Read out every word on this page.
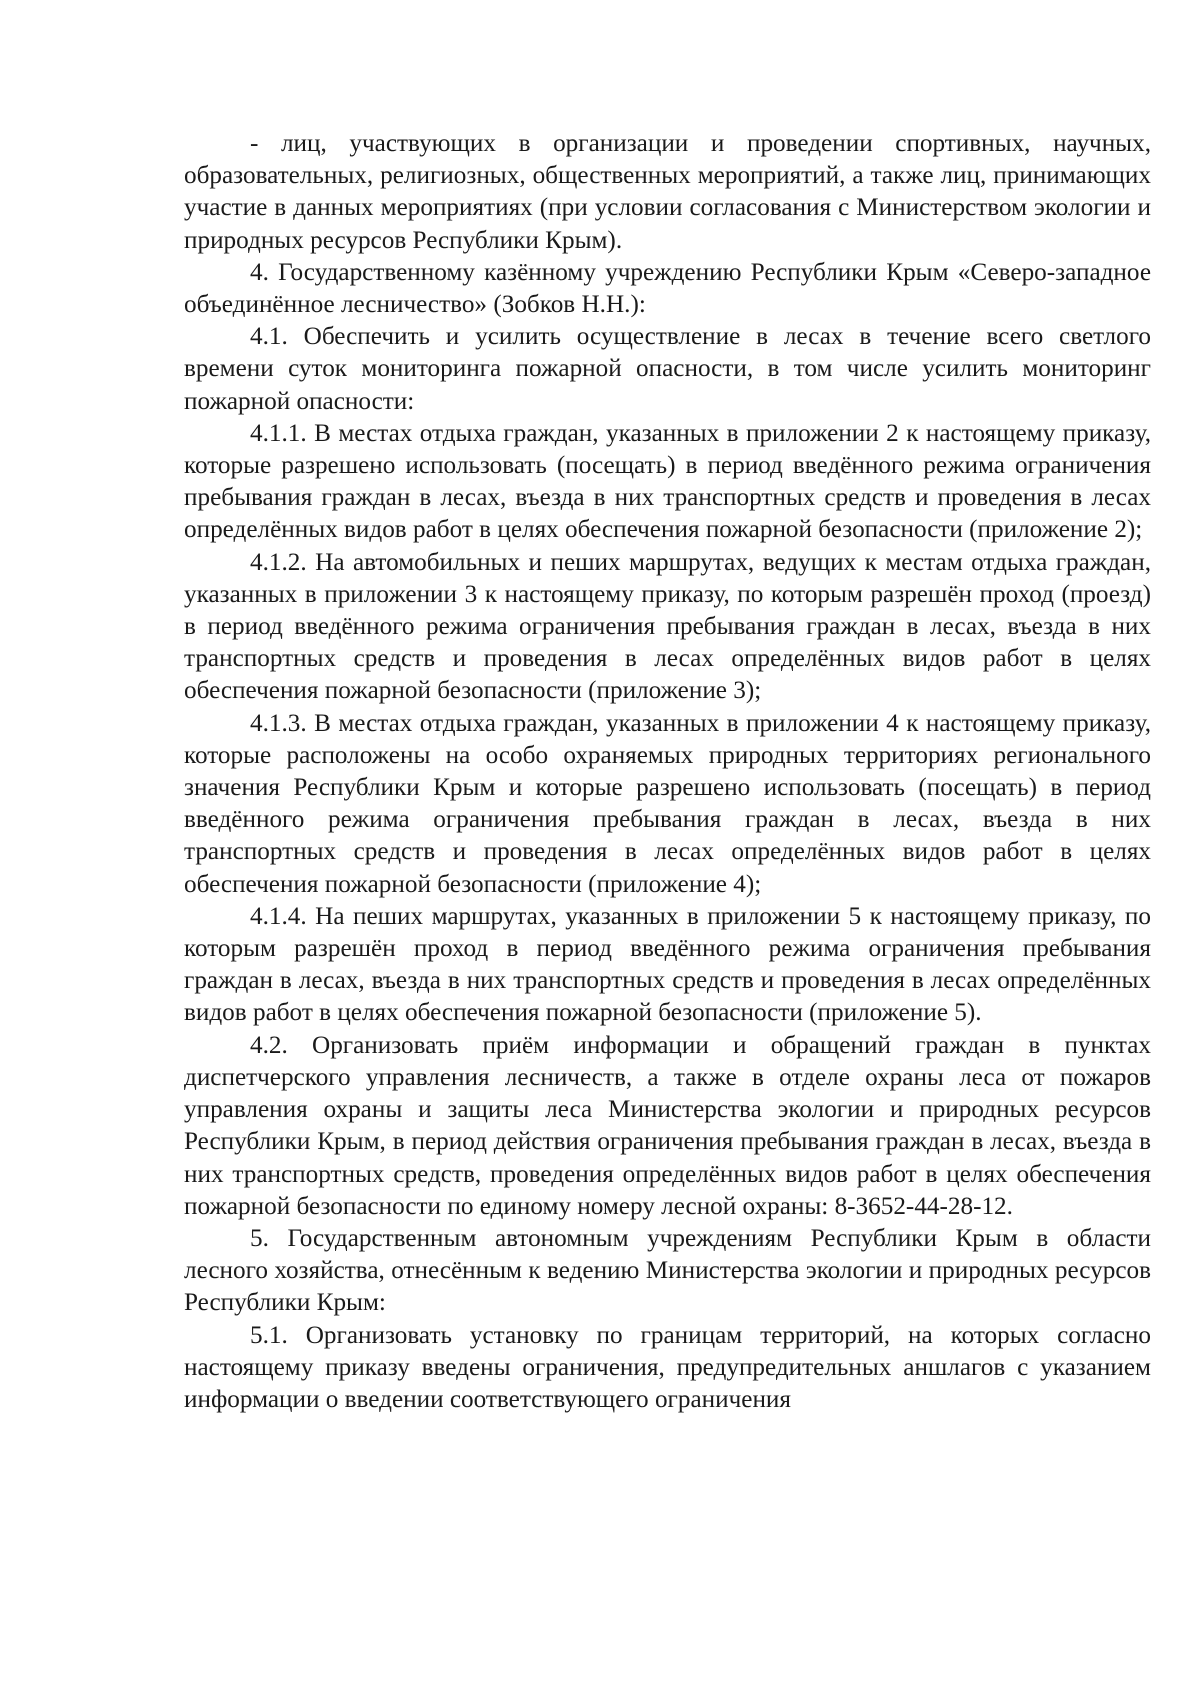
- лиц, участвующих в организации и проведении спортивных, научных, образовательных, религиозных, общественных мероприятий, а также лиц, принимающих участие в данных мероприятиях (при условии согласования с Министерством экологии и природных ресурсов Республики Крым).

4. Государственному казённому учреждению Республики Крым «Северо-западное объединённое лесничество» (Зобков Н.Н.):

4.1. Обеспечить и усилить осуществление в лесах в течение всего светлого времени суток мониторинга пожарной опасности, в том числе усилить мониторинг пожарной опасности:

4.1.1. В местах отдыха граждан, указанных в приложении 2 к настоящему приказу, которые разрешено использовать (посещать) в период введённого режима ограничения пребывания граждан в лесах, въезда в них транспортных средств и проведения в лесах определённых видов работ в целях обеспечения пожарной безопасности (приложение 2);

4.1.2. На автомобильных и пеших маршрутах, ведущих к местам отдыха граждан, указанных в приложении 3 к настоящему приказу, по которым разрешён проход (проезд) в период введённого режима ограничения пребывания граждан в лесах, въезда в них транспортных средств и проведения в лесах определённых видов работ в целях обеспечения пожарной безопасности (приложение 3);

4.1.3. В местах отдыха граждан, указанных в приложении 4 к настоящему приказу, которые расположены на особо охраняемых природных территориях регионального значения Республики Крым и которые разрешено использовать (посещать) в период введённого режима ограничения пребывания граждан в лесах, въезда в них транспортных средств и проведения в лесах определённых видов работ в целях обеспечения пожарной безопасности (приложение 4);

4.1.4. На пеших маршрутах, указанных в приложении 5 к настоящему приказу, по которым разрешён проход в период введённого режима ограничения пребывания граждан в лесах, въезда в них транспортных средств и проведения в лесах определённых видов работ в целях обеспечения пожарной безопасности (приложение 5).

4.2. Организовать приём информации и обращений граждан в пунктах диспетчерского управления лесничеств, а также в отделе охраны леса от пожаров управления охраны и защиты леса Министерства экологии и природных ресурсов Республики Крым, в период действия ограничения пребывания граждан в лесах, въезда в них транспортных средств, проведения определённых видов работ в целях обеспечения пожарной безопасности по единому номеру лесной охраны: 8-3652-44-28-12.

5. Государственным автономным учреждениям Республики Крым в области лесного хозяйства, отнесённым к ведению Министерства экологии и природных ресурсов Республики Крым:

5.1. Организовать установку по границам территорий, на которых согласно настоящему приказу введены ограничения, предупредительных аншлагов с указанием информации о введении соответствующего ограничения
